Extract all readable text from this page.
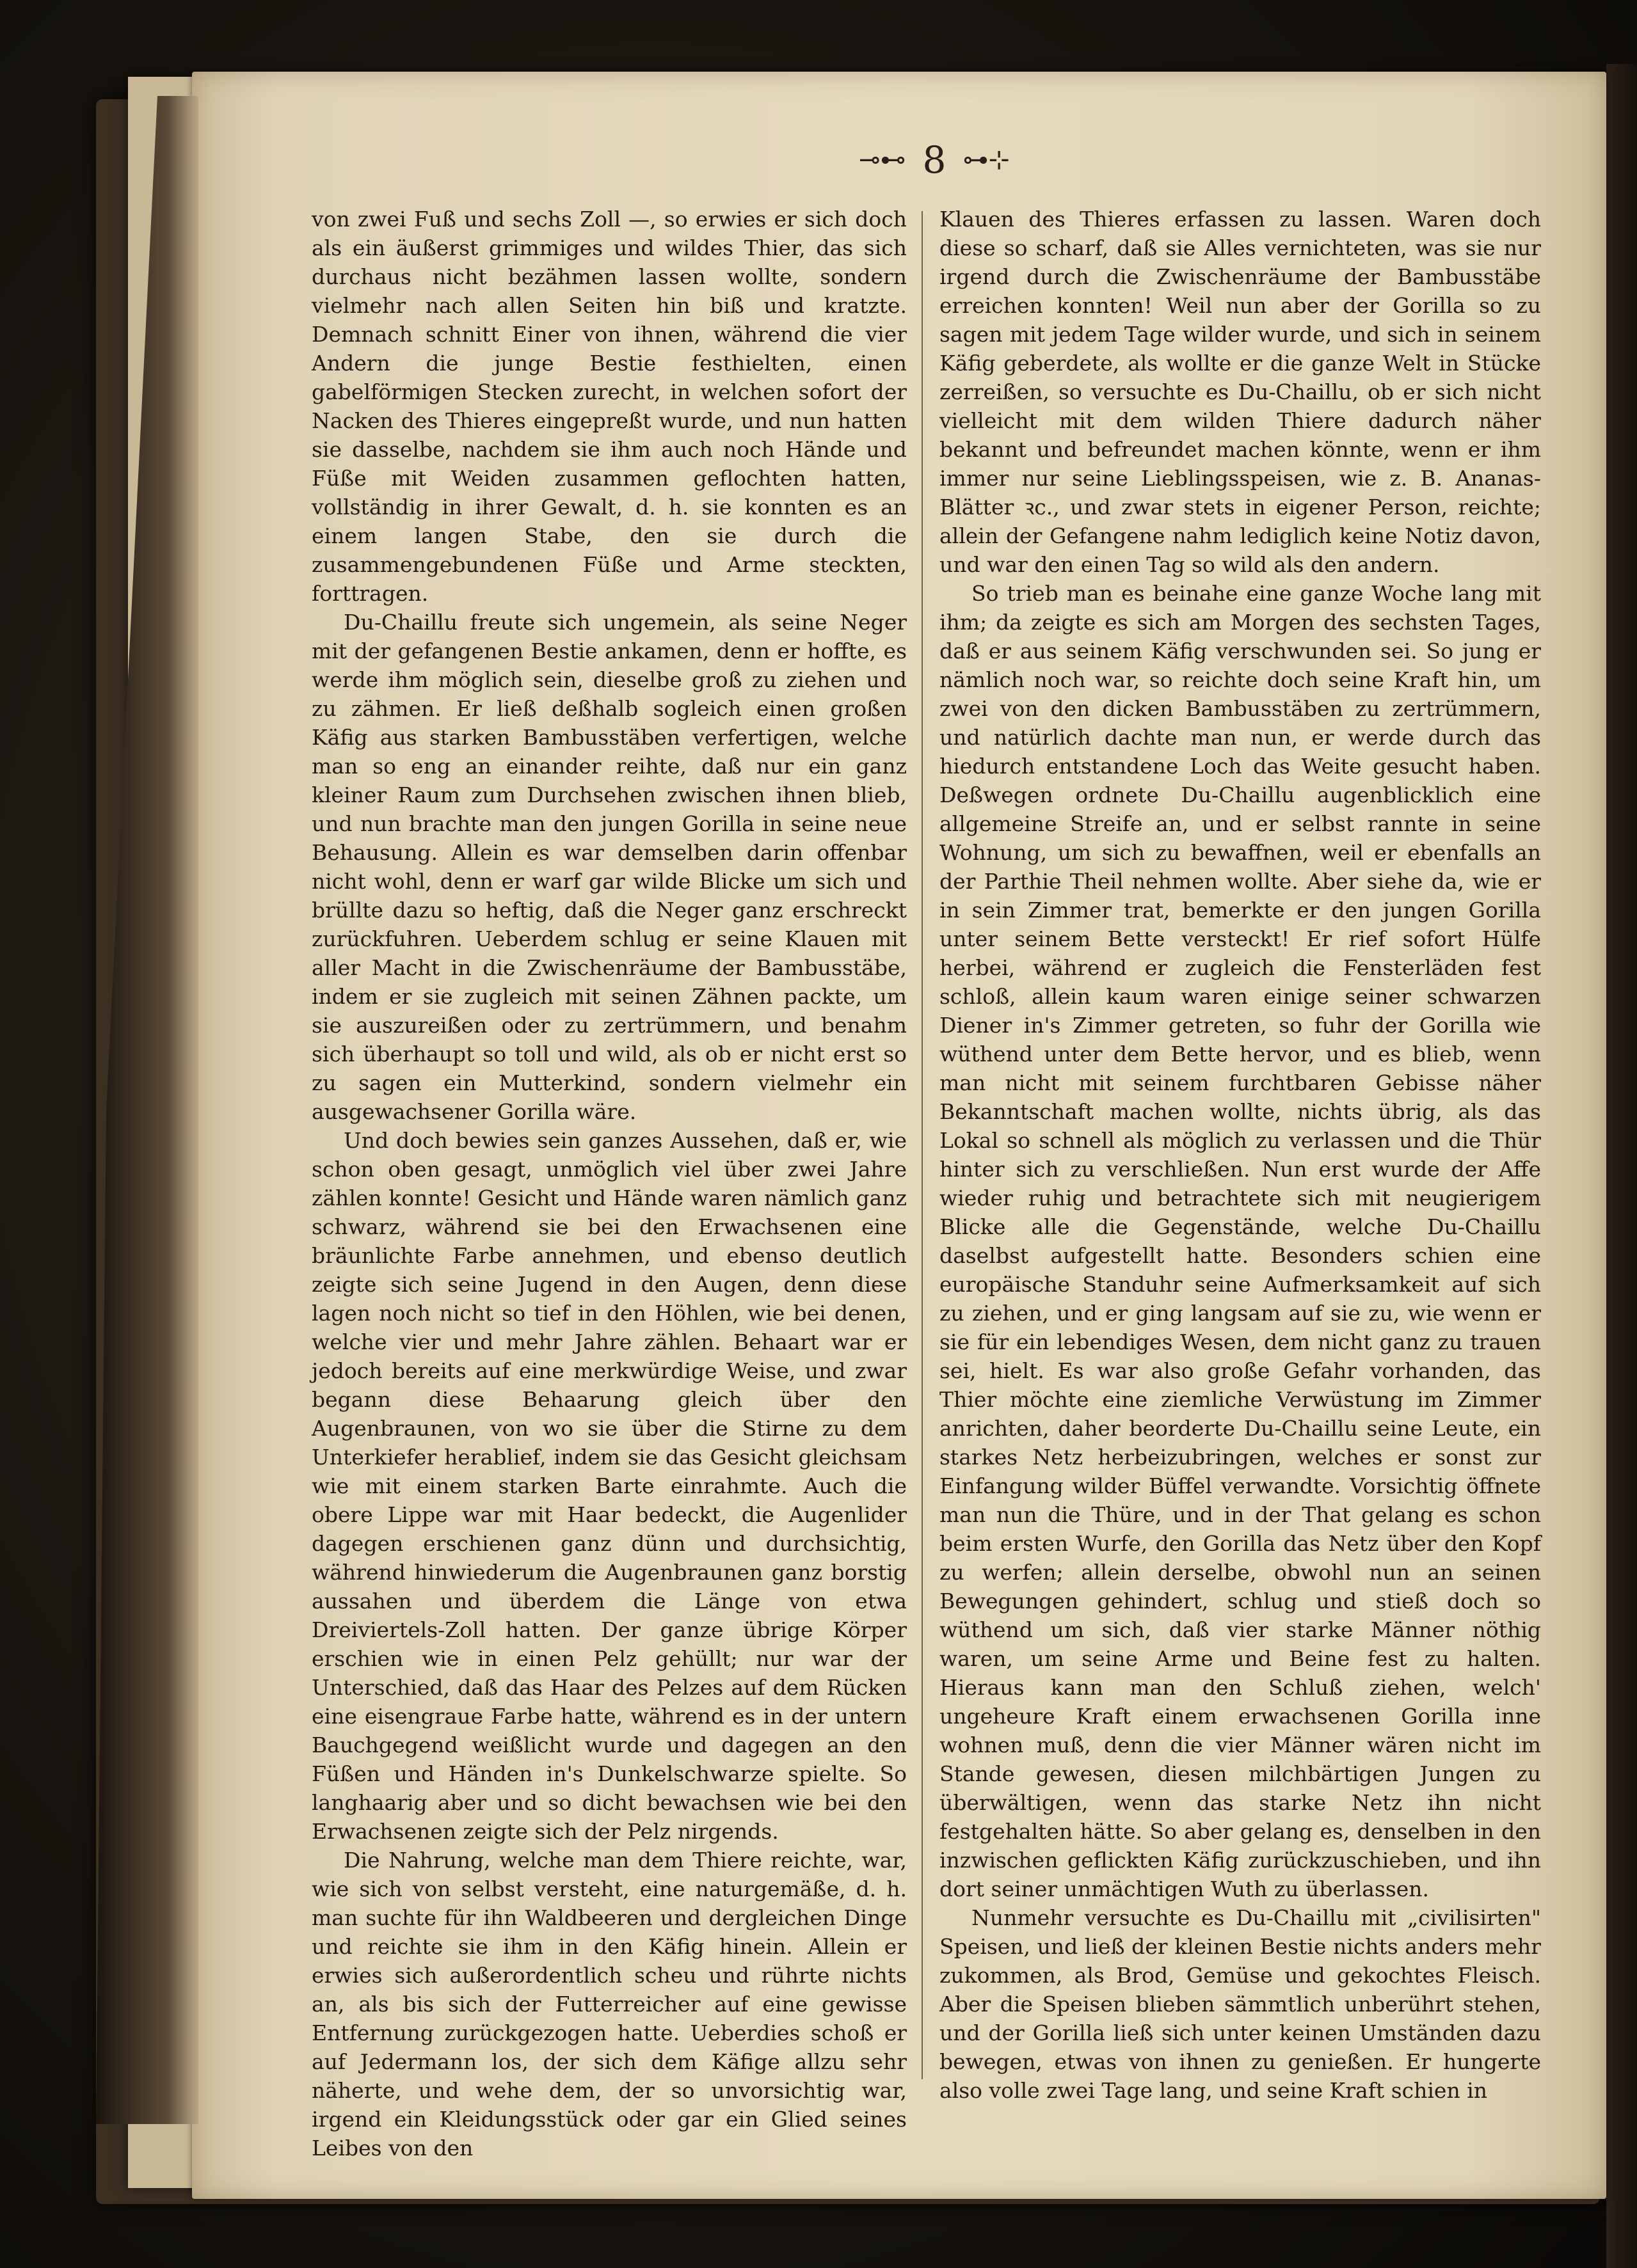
⊸⊷ 8 ⊶⊹

von zwei Fuß und sechs Zoll —, so erwies er sich doch als ein äußerst grimmiges und wildes Thier, das sich durchaus nicht bezähmen lassen wollte, sondern vielmehr nach allen Seiten hin biß und kratzte. Demnach schnitt Einer von ihnen, während die vier Andern die junge Bestie festhielten, einen gabelförmigen Stecken zurecht, in welchen sofort der Nacken des Thieres eingepreßt wurde, und nun hatten sie dasselbe, nachdem sie ihm auch noch Hände und Füße mit Weiden zusammen geflochten hatten, vollständig in ihrer Gewalt, d. h. sie konnten es an einem langen Stabe, den sie durch die zusammengebundenen Füße und Arme steckten, forttragen.

Du-Chaillu freute sich ungemein, als seine Neger mit der gefangenen Bestie ankamen, denn er hoffte, es werde ihm möglich sein, dieselbe groß zu ziehen und zu zähmen. Er ließ deßhalb sogleich einen großen Käfig aus starken Bambusstäben verfertigen, welche man so eng an einander reihte, daß nur ein ganz kleiner Raum zum Durchsehen zwischen ihnen blieb, und nun brachte man den jungen Gorilla in seine neue Behausung. Allein es war demselben darin offenbar nicht wohl, denn er warf gar wilde Blicke um sich und brüllte dazu so heftig, daß die Neger ganz erschreckt zurückfuhren. Ueberdem schlug er seine Klauen mit aller Macht in die Zwischenräume der Bambusstäbe, indem er sie zugleich mit seinen Zähnen packte, um sie auszureißen oder zu zertrümmern, und benahm sich überhaupt so toll und wild, als ob er nicht erst so zu sagen ein Mutterkind, sondern vielmehr ein ausgewachsener Gorilla wäre.

Und doch bewies sein ganzes Aussehen, daß er, wie schon oben gesagt, unmöglich viel über zwei Jahre zählen konnte! Gesicht und Hände waren nämlich ganz schwarz, während sie bei den Erwachsenen eine bräunlichte Farbe annehmen, und ebenso deutlich zeigte sich seine Jugend in den Augen, denn diese lagen noch nicht so tief in den Höhlen, wie bei denen, welche vier und mehr Jahre zählen. Behaart war er jedoch bereits auf eine merkwürdige Weise, und zwar begann diese Behaarung gleich über den Augenbraunen, von wo sie über die Stirne zu dem Unterkiefer herablief, indem sie das Gesicht gleichsam wie mit einem starken Barte einrahmte. Auch die obere Lippe war mit Haar bedeckt, die Augenlider dagegen erschienen ganz dünn und durchsichtig, während hinwiederum die Augenbraunen ganz borstig aussahen und überdem die Länge von etwa Dreiviertels-Zoll hatten. Der ganze übrige Körper erschien wie in einen Pelz gehüllt; nur war der Unterschied, daß das Haar des Pelzes auf dem Rücken eine eisengraue Farbe hatte, während es in der untern Bauchgegend weißlicht wurde und dagegen an den Füßen und Händen in's Dunkelschwarze spielte. So langhaarig aber und so dicht bewachsen wie bei den Erwachsenen zeigte sich der Pelz nirgends.

Die Nahrung, welche man dem Thiere reichte, war, wie sich von selbst versteht, eine naturgemäße, d. h. man suchte für ihn Waldbeeren und dergleichen Dinge und reichte sie ihm in den Käfig hinein. Allein er erwies sich außerordentlich scheu und rührte nichts an, als bis sich der Futterreicher auf eine gewisse Entfernung zurückgezogen hatte. Ueberdies schoß er auf Jedermann los, der sich dem Käfige allzu sehr näherte, und wehe dem, der so unvorsichtig war, irgend ein Kleidungsstück oder gar ein Glied seines Leibes von den

Klauen des Thieres erfassen zu lassen. Waren doch diese so scharf, daß sie Alles vernichteten, was sie nur irgend durch die Zwischenräume der Bambusstäbe erreichen konnten! Weil nun aber der Gorilla so zu sagen mit jedem Tage wilder wurde, und sich in seinem Käfig geberdete, als wollte er die ganze Welt in Stücke zerreißen, so versuchte es Du-Chaillu, ob er sich nicht vielleicht mit dem wilden Thiere dadurch näher bekannt und befreundet machen könnte, wenn er ihm immer nur seine Lieblingsspeisen, wie z. B. Ananas-Blätter ꝛc., und zwar stets in eigener Person, reichte; allein der Gefangene nahm lediglich keine Notiz davon, und war den einen Tag so wild als den andern.

So trieb man es beinahe eine ganze Woche lang mit ihm; da zeigte es sich am Morgen des sechsten Tages, daß er aus seinem Käfig verschwunden sei. So jung er nämlich noch war, so reichte doch seine Kraft hin, um zwei von den dicken Bambusstäben zu zertrümmern, und natürlich dachte man nun, er werde durch das hiedurch entstandene Loch das Weite gesucht haben. Deßwegen ordnete Du-Chaillu augenblicklich eine allgemeine Streife an, und er selbst rannte in seine Wohnung, um sich zu bewaffnen, weil er ebenfalls an der Parthie Theil nehmen wollte. Aber siehe da, wie er in sein Zimmer trat, bemerkte er den jungen Gorilla unter seinem Bette versteckt! Er rief sofort Hülfe herbei, während er zugleich die Fensterläden fest schloß, allein kaum waren einige seiner schwarzen Diener in's Zimmer getreten, so fuhr der Gorilla wie wüthend unter dem Bette hervor, und es blieb, wenn man nicht mit seinem furchtbaren Gebisse näher Bekanntschaft machen wollte, nichts übrig, als das Lokal so schnell als möglich zu verlassen und die Thür hinter sich zu verschließen. Nun erst wurde der Affe wieder ruhig und betrachtete sich mit neugierigem Blicke alle die Gegenstände, welche Du-Chaillu daselbst aufgestellt hatte. Besonders schien eine europäische Standuhr seine Aufmerksamkeit auf sich zu ziehen, und er ging langsam auf sie zu, wie wenn er sie für ein lebendiges Wesen, dem nicht ganz zu trauen sei, hielt. Es war also große Gefahr vorhanden, das Thier möchte eine ziemliche Verwüstung im Zimmer anrichten, daher beorderte Du-Chaillu seine Leute, ein starkes Netz herbeizubringen, welches er sonst zur Einfangung wilder Büffel verwandte. Vorsichtig öffnete man nun die Thüre, und in der That gelang es schon beim ersten Wurfe, den Gorilla das Netz über den Kopf zu werfen; allein derselbe, obwohl nun an seinen Bewegungen gehindert, schlug und stieß doch so wüthend um sich, daß vier starke Männer nöthig waren, um seine Arme und Beine fest zu halten. Hieraus kann man den Schluß ziehen, welch' ungeheure Kraft einem erwachsenen Gorilla inne wohnen muß, denn die vier Männer wären nicht im Stande gewesen, diesen milchbärtigen Jungen zu überwältigen, wenn das starke Netz ihn nicht festgehalten hätte. So aber gelang es, denselben in den inzwischen geflickten Käfig zurückzuschieben, und ihn dort seiner unmächtigen Wuth zu überlassen.

Nunmehr versuchte es Du-Chaillu mit „civilisirten" Speisen, und ließ der kleinen Bestie nichts anders mehr zukommen, als Brod, Gemüse und gekochtes Fleisch. Aber die Speisen blieben sämmtlich unberührt stehen, und der Gorilla ließ sich unter keinen Umständen dazu bewegen, etwas von ihnen zu genießen. Er hungerte also volle zwei Tage lang, und seine Kraft schien in
